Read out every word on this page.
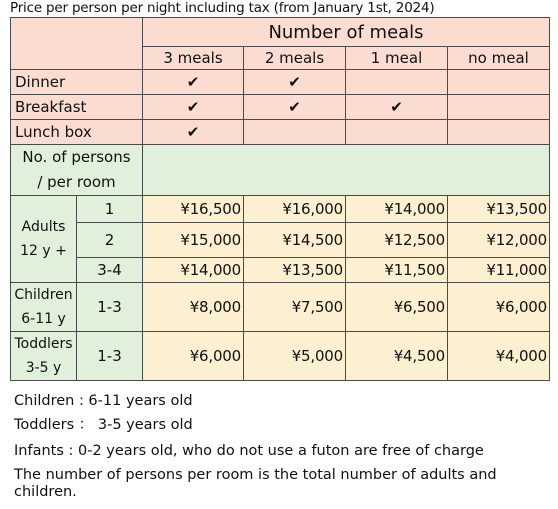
Price per person per night including tax (from January 1st, 2024)
		Number of meals			
		3 meals	2 meals	1 meal	no meal
Dinner		✔	✔		
Breakfast		✔	✔	✔	
Lunch box		✔			

No. of persons
/ per room					

Adults
12 y +	1	¥16,500	¥16,000	¥14,000	¥13,500
	2	¥15,000	¥14,500	¥12,500	¥12,000
	3-4	¥14,000	¥13,500	¥11,500	¥11,000

Children
6-11 y	1-3	¥8,000	¥7,500	¥6,500	¥6,000

Toddlers
3-5 y	1-3	¥6,000	¥5,000	¥4,500	¥4,000
Children : 6-11 years old
Toddlers ： 3-5 years old
Infants : 0-2 years old, who do not use a futon are free of charge
The number of persons per room is the total number of adults and children.
